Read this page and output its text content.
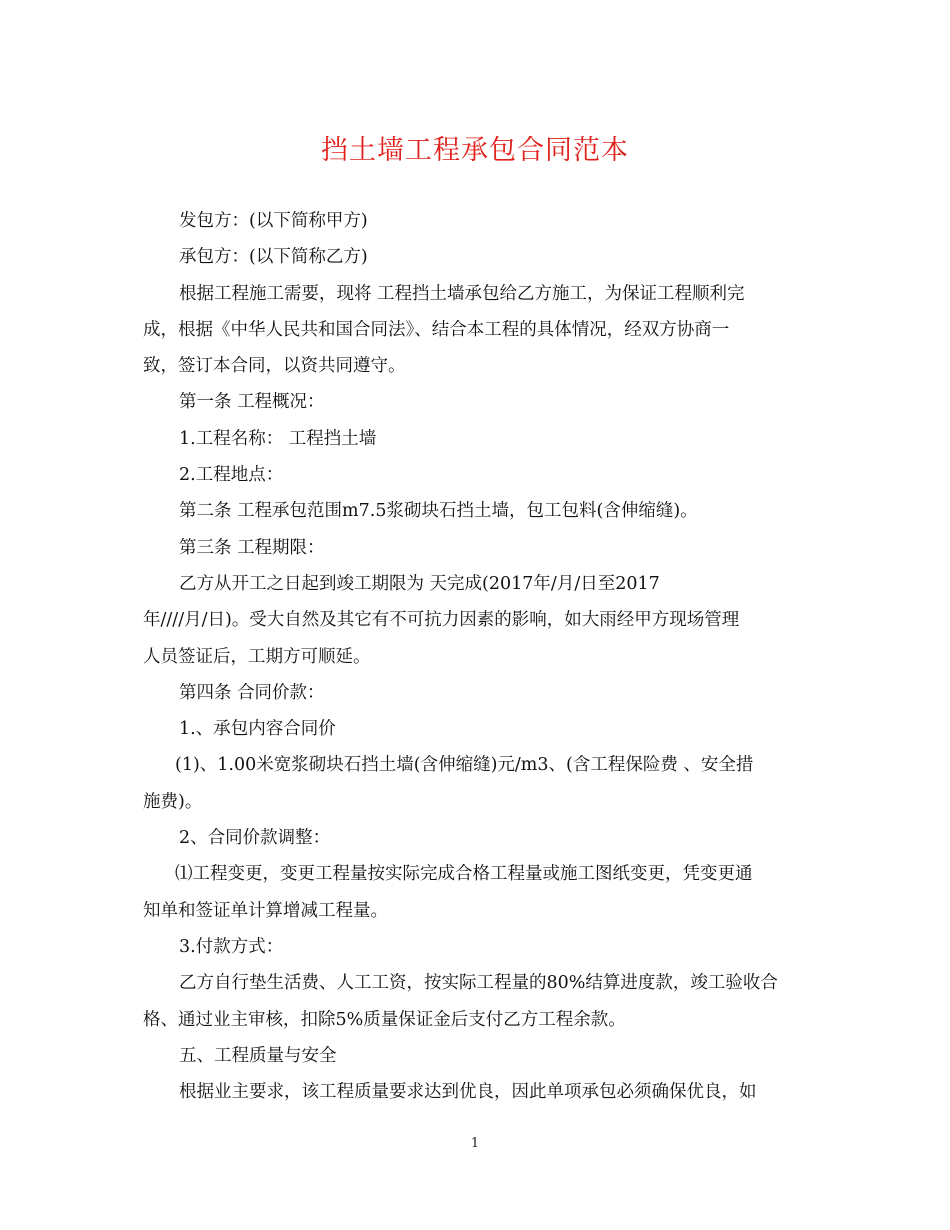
挡土墙工程承包合同范本

发包方：(以下简称甲方)

承包方：(以下简称乙方)

根据工程施工需要，现将 工程挡土墙承包给乙方施工，为保证工程顺利完

成，根据《中华人民共和国合同法》、结合本工程的具体情况，经双方协商一

致，签订本合同，以资共同遵守。

第一条 工程概况：

1.工程名称： 工程挡土墙

2.工程地点：

第二条 工程承包范围m7.5浆砌块石挡土墙，包工包料(含伸缩缝)。

第三条 工程期限：

乙方从开工之日起到竣工期限为 天完成(2017年/月/日至2017

年////月/日)。受大自然及其它有不可抗力因素的影响，如大雨经甲方现场管理

人员签证后，工期方可顺延。

第四条 合同价款：

1.、承包内容合同价

(1)、1.00米宽浆砌块石挡土墙(含伸缩缝)元/m3、(含工程保险费 、安全措

施费)。

2、合同价款调整：

⑴工程变更，变更工程量按实际完成合格工程量或施工图纸变更，凭变更通

知单和签证单计算增减工程量。

3.付款方式：

乙方自行垫生活费、人工工资，按实际工程量的80%结算进度款，竣工验收合

格、通过业主审核，扣除5%质量保证金后支付乙方工程余款。

五、工程质量与安全

根据业主要求，该工程质量要求达到优良，因此单项承包必须确保优良，如

1
